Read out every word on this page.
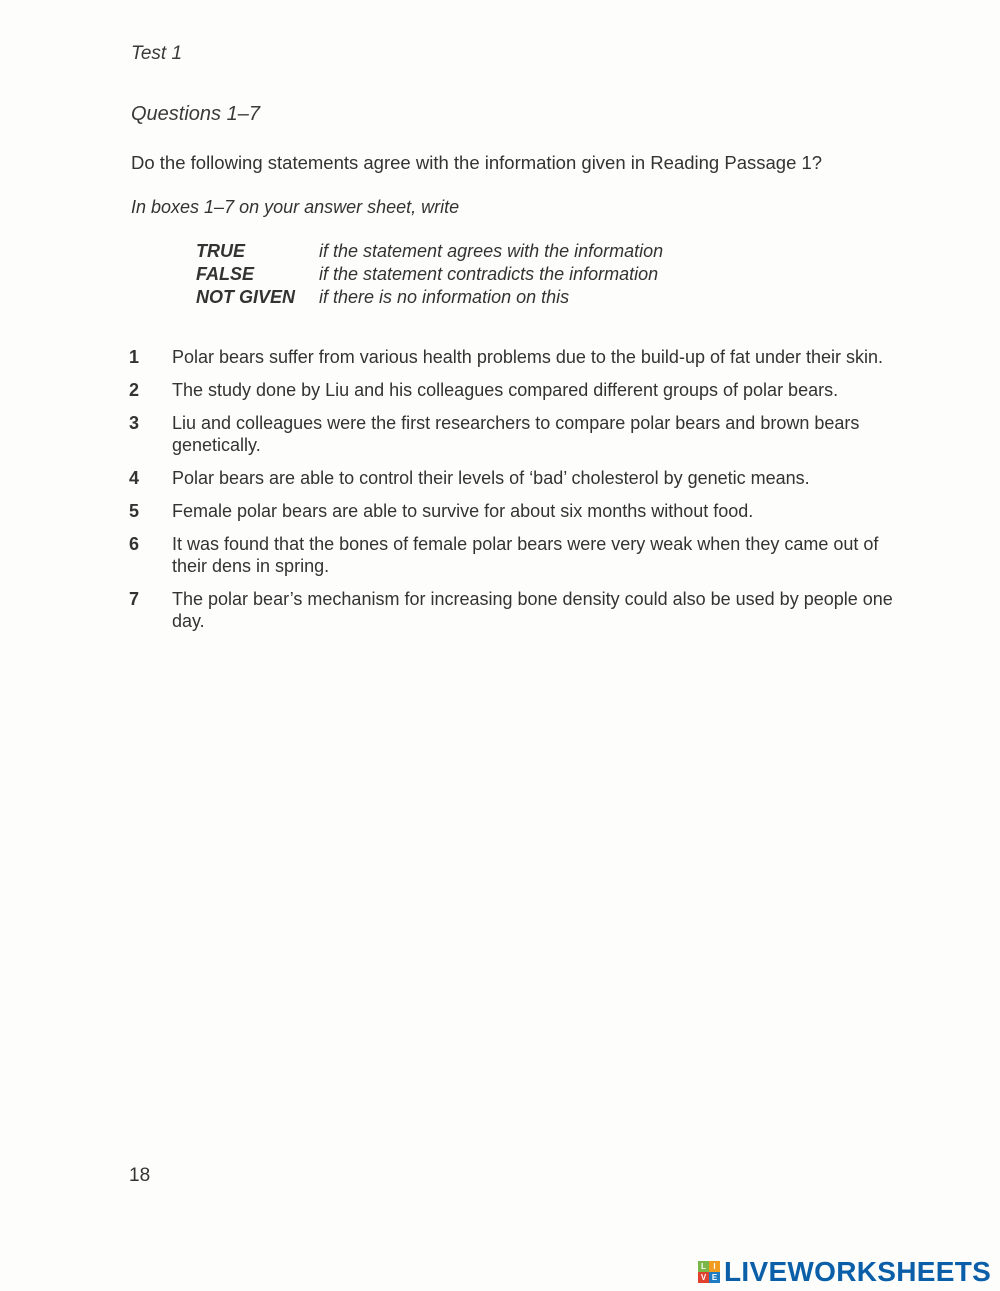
Test 1
Questions 1–7
Do the following statements agree with the information given in Reading Passage 1?
In boxes 1–7 on your answer sheet, write
TRUE	if the statement agrees with the information
FALSE	if the statement contradicts the information
NOT GIVEN	if there is no information on this
1	Polar bears suffer from various health problems due to the build-up of fat under their skin.
2	The study done by Liu and his colleagues compared different groups of polar bears.
3	Liu and colleagues were the first researchers to compare polar bears and brown bears genetically.
4	Polar bears are able to control their levels of ‘bad’ cholesterol by genetic means.
5	Female polar bears are able to survive for about six months without food.
6	It was found that the bones of female polar bears were very weak when they came out of their dens in spring.
7	The polar bear’s mechanism for increasing bone density could also be used by people one day.
18
L I
V E LIVEWORKSHEETS
